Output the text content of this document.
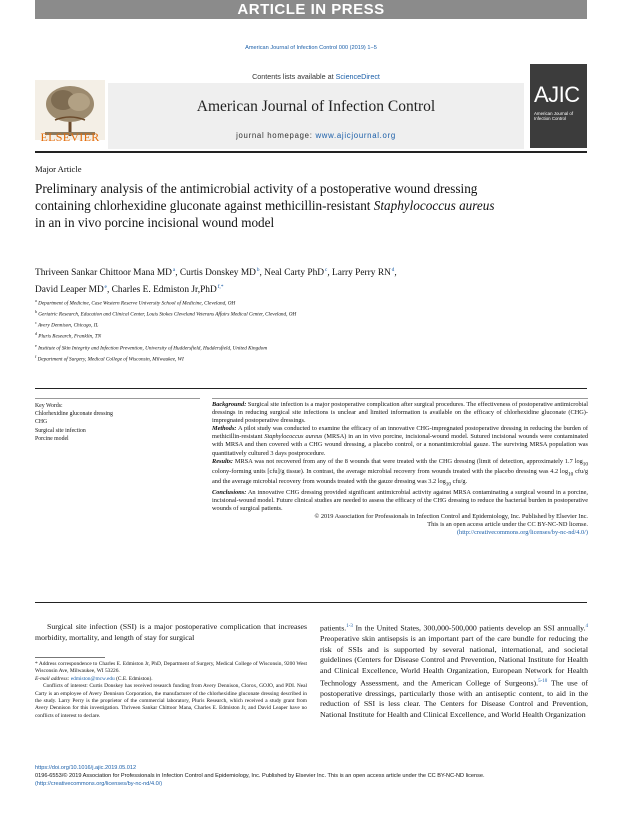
ARTICLE IN PRESS
American Journal of Infection Control 000 (2019) 1−5
ELSEVIER
Contents lists available at ScienceDirect
American Journal of Infection Control
journal homepage: www.ajicjournal.org
AJIC
American Journal of
Infection Control
Major Article
Preliminary analysis of the antimicrobial activity of a postoperative wound dressing containing chlorhexidine gluconate against methicillin-resistant Staphylococcus aureus in an in vivo porcine incisional wound model
Thriveen Sankar Chittoor Mana MD $^a$, Curtis Donskey MD $^b$, Neal Carty PhD $^c$, Larry Perry RN $^d$,
David Leaper MD $^e$, Charles E. Edmiston Jr,PhD $^{f,*}$
$^a$ Department of Medicine, Case Western Reserve University School of Medicine, Cleveland, OH
$^b$ Geriatric Research, Education and Clinical Center, Louis Stokes Cleveland Veterans Affairs Medical Center, Cleveland, OH
$^c$ Avery Dennison, Chicago, IL
$^d$ Pluris Research, Franklin, TN
$^e$ Institute of Skin Integrity and Infection Prevention, University of Huddersfield, Huddersfield, United Kingdom
$^f$ Department of Surgery, Medical College of Wisconsin, Milwaukee, WI
Key Words:
Chlorhexidine gluconate dressing
CHG
Surgical site infection
Porcine model
Background: Surgical site infection is a major postoperative complication after surgical procedures. The effectiveness of postoperative antimicrobial dressings in reducing surgical site infections is unclear and limited information is available on the efficacy of chlorhexidine gluconate (CHG)-impregnated postoperative dressings.
Methods: A pilot study was conducted to examine the efficacy of an innovative CHG-impregnated postoperative dressing in reducing the burden of methicillin-resistant Staphylococcus aureus (MRSA) in an in vivo porcine, incisional-wound model. Sutured incisional wounds were contaminated with MRSA and then covered with a CHG wound dressing, a placebo control, or a nonantimicrobial gauze. The surviving MRSA population was quantitatively cultured 3 days postprocedure.
Results: MRSA was not recovered from any of the 8 wounds that were treated with the CHG dressing (limit of detection, approximately 1.7 $\log_{10}$ colony-forming units [cfu]/g tissue). In contrast, the average microbial recovery from wounds treated with the placebo dressing was 4.2 $\log_{10} cfu/g$ and the average microbial recovery from wounds treated with the gauze dressing was 3.2 $\log_{10} cfu/g$.
Conclusions: An innovative CHG dressing provided significant antimicrobial activity against MRSA contaminating a surgical wound in a porcine, incisional-wound model. Future clinical studies are needed to assess the efficacy of the CHG dressing to reduce the bacterial burden in postoperative wounds of surgical patients.
© 2019 Association for Professionals in Infection Control and Epidemiology, Inc. Published by Elsevier Inc.
This is an open access article under the CC BY-NC-ND license.
(http://creativecommons.org/licenses/by-nc-nd/4.0/)
Surgical site infection (SSI) is a major postoperative complication that increases morbidity, mortality, and length of stay for surgical
patients.$^{1-3}$ In the United States, 300,000-500,000 patients develop an SSI annually.$^4$ Preoperative skin antisepsis is an important part of the care bundle for reducing the risk of SSIs and is supported by several national, international, and societal guidelines (Centers for Disease Control and Prevention, National Institute for Health and Clinical Excellence, World Health Organization, European Network for Health Technology Assessment, and the American College of Surgeons).$^{5-10}$ The use of postoperative dressings, particularly those with an antiseptic content, to aid in the reduction of SSI is less clear. The Centers for Disease Control and Prevention, National Institute for Health and Clinical Excellence, and World Health Organization
* Address correspondence to Charles E. Edmiston Jr, PhD, Department of Surgery, Medical College of Wisconsin, 9200 West Wisconsin Ave, Milwaukee, WI 53226.
E-mail address: edmiston@mcw.edu (C.E. Edmiston).
Conflicts of interest: Curtis Donskey has received research funding from Avery Dennison, Clorox, GOJO, and PDI. Neal Carty is an employee of Avery Dennison Corporation, the manufacturer of the chlorhexidine gluconate dressing described in the study. Larry Perry is the proprietor of the commercial laboratory, Pluris Research, which received a study grant from Avery Dennison for this investigation. Thriveen Sankar Chittoor Mana, Charles E. Edmiston Jr, and David Leaper have no conflicts of interest to declare.
https://doi.org/10.1016/j.ajic.2019.05.012
0196-6553/© 2019 Association for Professionals in Infection Control and Epidemiology, Inc. Published by Elsevier Inc. This is an open access article under the CC BY-NC-ND license.
(http://creativecommons.org/licenses/by-nc-nd/4.0/)
